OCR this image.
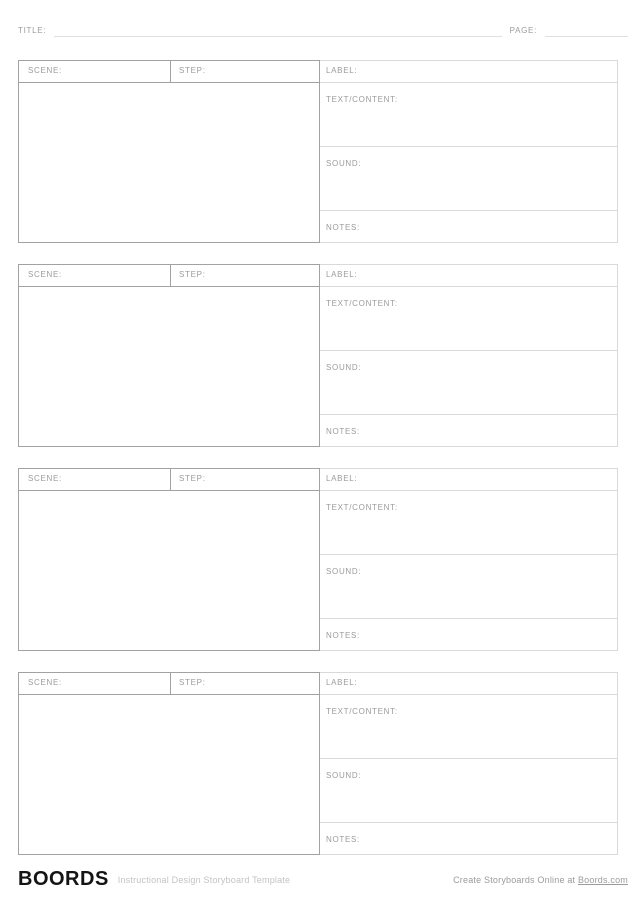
TITLE:	PAGE:
SCENE:	STEP:	LABEL:
TEXT/CONTENT:
SOUND:
NOTES:
SCENE:	STEP:	LABEL:
TEXT/CONTENT:
SOUND:
NOTES:
SCENE:	STEP:	LABEL:
TEXT/CONTENT:
SOUND:
NOTES:
SCENE:	STEP:	LABEL:
TEXT/CONTENT:
SOUND:
NOTES:
BOORDS Instructional Design Storyboard Template	Create Storyboards Online at Boords.com
